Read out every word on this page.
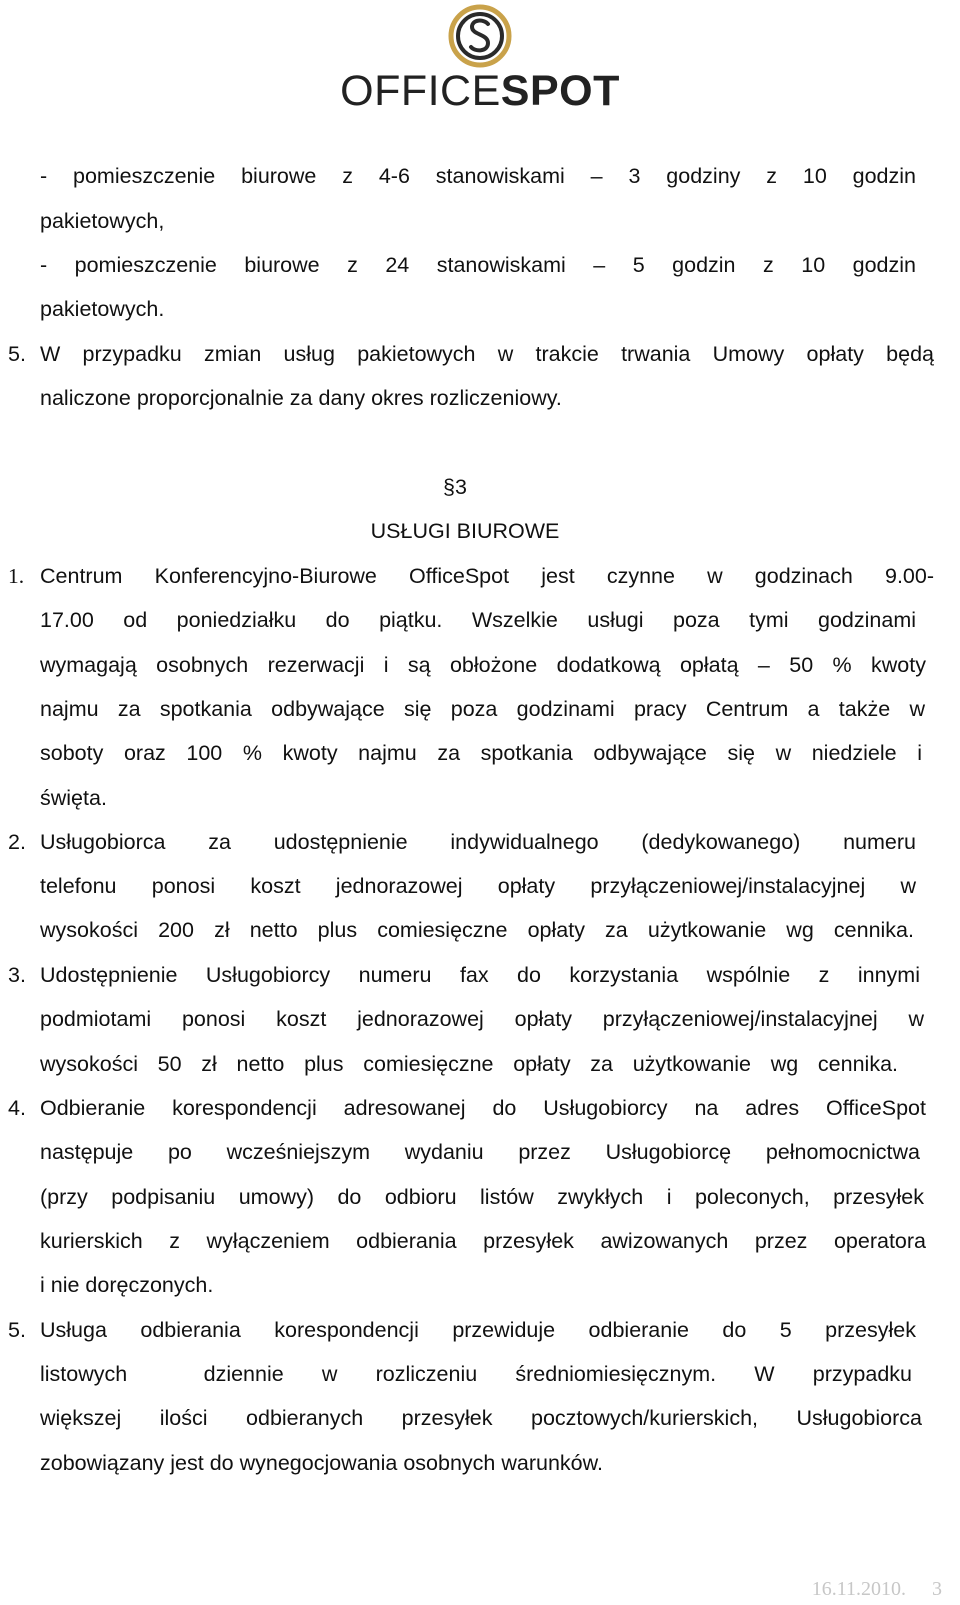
OFFICESPOT
- pomieszczenie biurowe z 4-6 stanowiskami – 3 godziny z 10 godzin
pakietowych,
- pomieszczenie biurowe z 24 stanowiskami – 5 godzin z 10 godzin
pakietowych.
5. W przypadku zmian usług pakietowych w trakcie trwania Umowy opłaty będą
naliczone proporcjonalnie za dany okres rozliczeniowy.
§3
USŁUGI BIUROWE
1. Centrum Konferencyjno-Biurowe OfficeSpot jest czynne w godzinach 9.00-
17.00 od poniedziałku do piątku. Wszelkie usługi poza tymi godzinami
wymagają osobnych rezerwacji i są obłożone dodatkową opłatą – 50 % kwoty
najmu za spotkania odbywające się poza godzinami pracy Centrum a także w
soboty oraz 100 % kwoty najmu za spotkania odbywające się w niedziele i
święta.
2. Usługobiorca za udostępnienie indywidualnego (dedykowanego) numeru
telefonu ponosi koszt jednorazowej opłaty przyłączeniowej/instalacyjnej w
wysokości 200 zł netto plus comiesięczne opłaty za użytkowanie wg cennika.
3. Udostępnienie Usługobiorcy numeru fax do korzystania wspólnie z innymi
podmiotami ponosi koszt jednorazowej opłaty przyłączeniowej/instalacyjnej w
wysokości 50 zł netto plus comiesięczne opłaty za użytkowanie wg cennika.
4. Odbieranie korespondencji adresowanej do Usługobiorcy na adres OfficeSpot
następuje po wcześniejszym wydaniu przez Usługobiorcę pełnomocnictwa
(przy podpisaniu umowy) do odbioru listów zwykłych i poleconych, przesyłek
kurierskich z wyłączeniem odbierania przesyłek awizowanych przez operatora
i nie doręczonych.
5. Usługa odbierania korespondencji przewiduje odbieranie do 5 przesyłek
listowych  dziennie w rozliczeniu średniomiesięcznym. W przypadku
większej ilości odbieranych przesyłek pocztowych/kurierskich, Usługobiorca
zobowiązany jest do wynegocjowania osobnych warunków.
16.11.2010. 3
